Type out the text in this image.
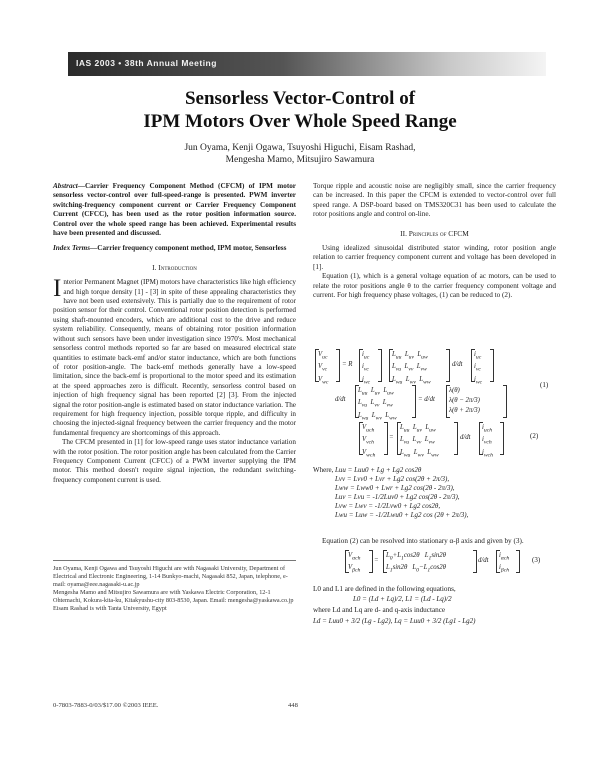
IAS 2003 • 38th Annual Meeting
Sensorless Vector-Control of
IPM Motors Over Whole Speed Range
Jun Oyama, Kenji Ogawa, Tsuyoshi Higuchi, Eisam Rashad,
Mengesha Mamo, Mitsujiro Sawamura

Abstract—Carrier Frequency Component Method (CFCM) of IPM motor sensorless vector-control over full-speed-range is presented. PWM inverter switching-frequency component current or Carrier Frequency Component Current (CFCC), has been used as the rotor position information source. Control over the whole speed range has been achieved. Experimental results have been presented and discussed.

Index Terms—Carrier frequency component method, IPM motor, Sensorless

I. Introduction

Interior Permanent Magnet (IPM) motors have characteristics like high efficiency and high torque density [1] - [3] in spite of these appealing characteristics they have not been used extensively. This is partially due to the requirement of rotor position sensor for their control. Conventional rotor position detection is performed using shaft-mounted encoders, which are additional cost to the drive and reduce system reliability. Consequently, means of obtaining rotor position information without such sensors have been under investigation since 1970's. Most mechanical sensorless control methods reported so far are based on measured electrical state quantities to estimate back-emf and/or stator inductance, which are both functions of rotor position-angle. The back-emf methods generally have a low-speed limitation, since the back-emf is proportional to the motor speed and its estimation at the speed approaches zero is difficult. Recently, sensorless control based on injection of high frequency signal has been reported [2] [3]. From the injected signal the rotor position-angle is estimated based on stator inductance variation. The requirement for high frequency injection, possible torque ripple, and difficulty in choosing the injected-signal frequency between the carrier frequency and the motor fundamental frequency are shortcomings of this approach.

The CFCM presented in [1] for low-speed range uses stator inductance variation with the rotor position. The rotor position angle has been calculated from the Carrier Frequency Component Current (CFCC) of a PWM inverter supplying the IPM motor. This method doesn't require signal injection, the redundant switching-frequency component current is used.

Jun Oyama, Kenji Ogawa and Tsuyoshi Higuchi are with Nagasaki University, Department of Electrical and Electronic Engineering, 1-14 Bunkyo-machi, Nagasaki 852, Japan, telephone, e-mail: oyama@eee.nagasaki-u.ac.jp

Mengesha Mamo and Mitsujiro Sawamura are with Yaskawa Electric Corporation, 12-1 Ohtemachi, Kokura-kita-ku, Kitakyushu-city 803-8530, Japan. Email: mengesha@yaskawa.co.jp

Eisam Rashad is with Tanta University, Egypt

Torque ripple and acoustic noise are negligibly small, since the carrier frequency can be increased. In this paper the CFCM is extended to vector-control over full speed range. A DSP-board based on TMS320C31 has been used to calculate the rotor positions angle and control on-line.

II. Principles of CFCM

Using idealized sinusoidal distributed stator winding, rotor position angle relation to carrier frequency component current and voltage has been developed in [1].

Equation (1), which is a general voltage equation of ac motors, can be used to relate the rotor positions angle θ to the carrier frequency component voltage and current. For high frequency phase voltages, (1) can be reduced to (2).

$V_{uc}$
$V_{vc}$
$V_{wc}$
= R
$i_{uc}$
$i_{vc}$
$i_{wc}$
$L_{uu}$  $L_{uv}$  $L_{uw}$
$L_{vu}$  $L_{vv}$  $L_{vw}$
$L_{wu}$  $L_{wv}$  $L_{ww}$
d/dt
$i_{uc}$
$i_{vc}$
$i_{wc}$
d/dt
$L_{uu}$  $L_{uv}$  $L_{uw}$
$L_{vu}$  $L_{vv}$  $L_{vw}$
$L_{wu}$  $L_{wv}$  $L_{ww}$
= d/dt
λ(θ)
λ(θ − 2π/3)
λ(θ + 2π/3)
(1)
$V_{uch}$
$V_{vch}$
$V_{wch}$
=
$L_{uu}$  $L_{uv}$  $L_{uw}$
$L_{vu}$  $L_{vv}$  $L_{vw}$
$L_{wu}$  $L_{wv}$  $L_{ww}$
d/dt
$i_{uch}$
$i_{vch}$
$i_{wch}$
(2)
Where, Luu = Luu0 + Lg + Lg2 cos2θ
Lvv = Lvv0 + Lvr + Lg2 cos(2θ + 2π/3),
Lww = Lww0 + Lwr + Lg2 cos(2θ - 2π/3),
Luv = Lvu = -1/2Luv0 + Lg2 cos(2θ - 2π/3),
Lvw = Lwv = -1/2Lvw0 + Lg2 cos2θ,
Lwu = Luw = -1/2Lwu0 + Lg2 cos (2θ + 2π/3),

Equation (2) can be resolved into stationary α-β axis and given by (3).

$V_{\alpha ch}$
$V_{\beta ch}$
=
$L_0+L_1\cos 2\theta$   $L_1\sin 2\theta$
$L_1\sin 2\theta$   $L_0-L_1\cos 2\theta$
d/dt
$i_{\alpha ch}$
$i_{\beta ch}$
(3)

L0 and L1 are defined in the following equations,

L0 = (Ld + Lq)/2, L1 = (Ld - Lq)/2

where Ld and Lq are d- and q-axis inductance

Ld = Luu0 + 3/2 (Lg - Lg2), Lq = Luu0 + 3/2 (Lg1 - Lg2)

0-7803-7883-0/03/$17.00 ©2003 IEEE.	448
